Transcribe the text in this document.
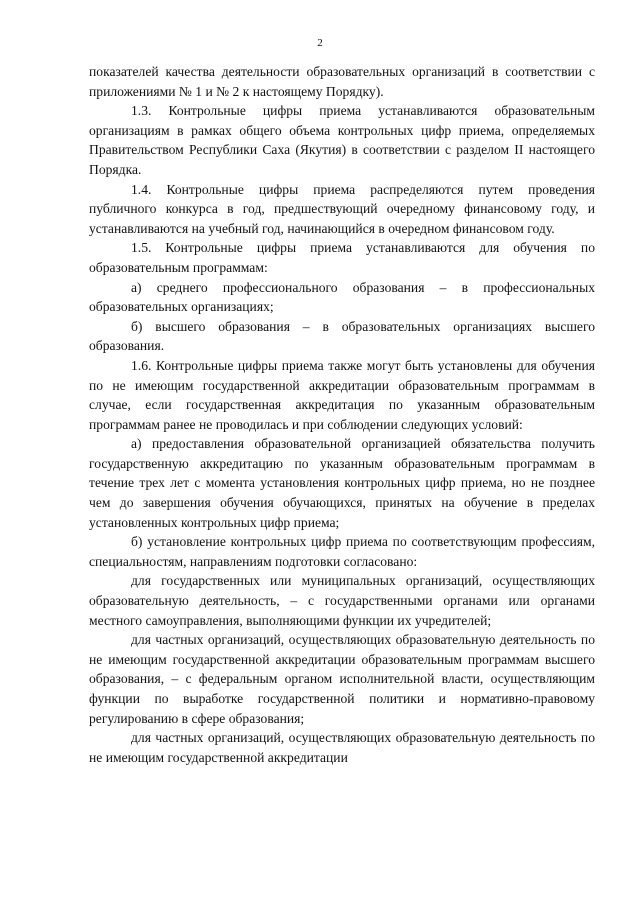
2

показателей качества деятельности образовательных организаций в соответствии с приложениями № 1 и № 2 к настоящему Порядку).

1.3. Контрольные цифры приема устанавливаются образовательным организациям в рамках общего объема контрольных цифр приема, определяемых Правительством Республики Саха (Якутия) в соответствии с разделом II настоящего Порядка.

1.4. Контрольные цифры приема распределяются путем проведения публичного конкурса в год, предшествующий очередному финансовому году, и устанавливаются на учебный год, начинающийся в очередном финансовом году.

1.5. Контрольные цифры приема устанавливаются для обучения по образовательным программам:

а) среднего профессионального образования – в профессиональных образовательных организациях;

б) высшего образования – в образовательных организациях высшего образования.

1.6. Контрольные цифры приема также могут быть установлены для обучения по не имеющим государственной аккредитации образовательным программам в случае, если государственная аккредитация по указанным образовательным программам ранее не проводилась и при соблюдении следующих условий:

а) предоставления образовательной организацией обязательства получить государственную аккредитацию по указанным образовательным программам в течение трех лет с момента установления контрольных цифр приема, но не позднее чем до завершения обучения обучающихся, принятых на обучение в пределах установленных контрольных цифр приема;

б) установление контрольных цифр приема по соответствующим профессиям, специальностям, направлениям подготовки согласовано:

для государственных или муниципальных организаций, осуществляющих образовательную деятельность, – с государственными органами или органами местного самоуправления, выполняющими функции их учредителей;

для частных организаций, осуществляющих образовательную деятельность по не имеющим государственной аккредитации образовательным программам высшего образования, – с федеральным органом исполнительной власти, осуществляющим функции по выработке государственной политики и нормативно-правовому регулированию в сфере образования;

для частных организаций, осуществляющих образовательную деятельность по не имеющим государственной аккредитации
